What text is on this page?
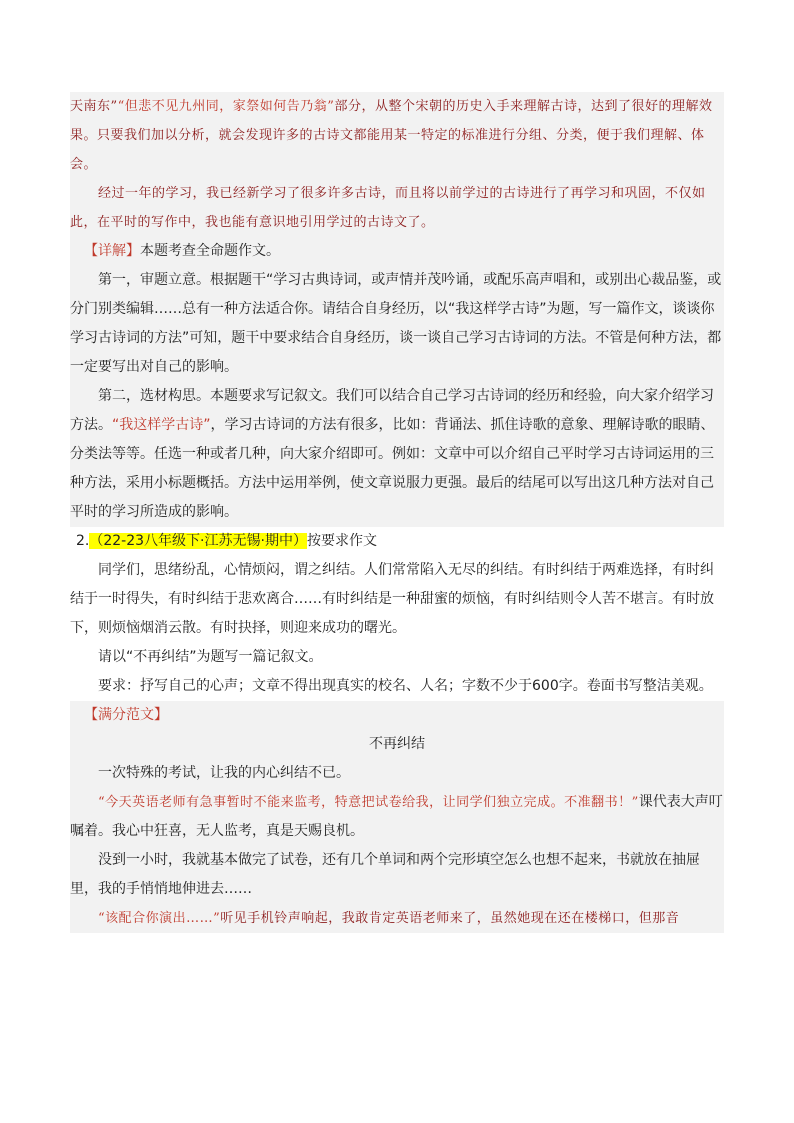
天南东”“但悲不见九州同，家祭如何告乃翁”部分，从整个宋朝的历史入手来理解古诗，达到了很好的理解效果。只要我们加以分析，就会发现许多的古诗文都能用某一特定的标准进行分组、分类，便于我们理解、体会。

经过一年的学习，我已经新学习了很多许多古诗，而且将以前学过的古诗进行了再学习和巩固，不仅如此，在平时的写作中，我也能有意识地引用学过的古诗文了。

【详解】本题考查全命题作文。

第一，审题立意。根据题干“学习古典诗词，或声情并茂吟诵，或配乐高声唱和，或别出心裁品鉴，或分门别类编辑……总有一种方法适合你。请结合自身经历，以“我这样学古诗”为题，写一篇作文，谈谈你学习古诗词的方法”可知，题干中要求结合自身经历，谈一谈自己学习古诗词的方法。不管是何种方法，都一定要写出对自己的影响。

第二，选材构思。本题要求写记叙文。我们可以结合自己学习古诗词的经历和经验，向大家介绍学习方法。“我这样学古诗”，学习古诗词的方法有很多，比如：背诵法、抓住诗歌的意象、理解诗歌的眼睛、分类法等等。任选一种或者几种，向大家介绍即可。例如：文章中可以介绍自己平时学习古诗词运用的三种方法，采用小标题概括。方法中运用举例，使文章说服力更强。最后的结尾可以写出这几种方法对自己平时的学习所造成的影响。

2.（22-23八年级下·江苏无锡·期中）按要求作文

同学们，思绪纷乱，心情烦闷，谓之纠结。人们常常陷入无尽的纠结。有时纠结于两难选择，有时纠结于一时得失，有时纠结于悲欢离合……有时纠结是一种甜蜜的烦恼，有时纠结则令人苦不堪言。有时放下，则烦恼烟消云散。有时抉择，则迎来成功的曙光。

请以“不再纠结”为题写一篇记叙文。

要求：抒写自己的心声；文章不得出现真实的校名、人名；字数不少于600字。卷面书写整洁美观。

【满分范文】

不再纠结

一次特殊的考试，让我的内心纠结不已。

“今天英语老师有急事暂时不能来监考，特意把试卷给我，让同学们独立完成。不准翻书！”课代表大声叮嘱着。我心中狂喜，无人监考，真是天赐良机。

没到一小时，我就基本做完了试卷，还有几个单词和两个完形填空怎么也想不起来，书就放在抽屉里，我的手悄悄地伸进去……

“该配合你演出……”听见手机铃声响起，我敢肯定英语老师来了，虽然她现在还在楼梯口，但那音
